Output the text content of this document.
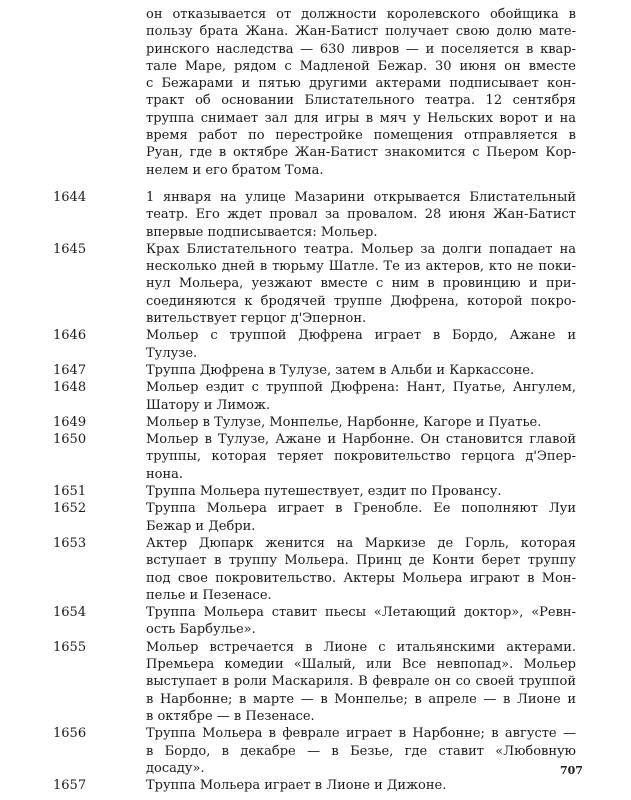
он отказывается от должности королевского обойщика в
пользу брата Жана. Жан-Батист получает свою долю мате-
ринского наследства — 630 ливров — и поселяется в квар-
тале Маре, рядом с Мадленой Бежар. 30 июня он вместе
с Бежарами и пятью другими актерами подписывает кон-
тракт об основании Блистательного театра. 12 сентября
труппа снимает зал для игры в мяч у Нельских ворот и на
время работ по перестройке помещения отправляется в
Руан, где в октябре Жан-Батист знакомится с Пьером Кор-
нелем и его братом Тома.
1644	1 января на улице Мазарини открывается Блистательный
театр. Его ждет провал за провалом. 28 июня Жан-Батист
впервые подписывается: Мольер.
1645	Крах Блистательного театра. Мольер за долги попадает на
несколько дней в тюрьму Шатле. Те из актеров, кто не поки-
нул Мольера, уезжают вместе с ним в провинцию и при-
соединяются к бродячей труппе Дюфрена, которой покро-
вительствует герцог д'Эпернон.
1646	Мольер с труппой Дюфрена играет в Бордо, Ажане и
Тулузе.
1647	Труппа Дюфрена в Тулузе, затем в Альби и Каркассоне.
1648	Мольер ездит с труппой Дюфрена: Нант, Пуатье, Ангулем,
Шатору и Лимож.
1649	Мольер в Тулузе, Монпелье, Нарбонне, Кагоре и Пуатье.
1650	Мольер в Тулузе, Ажане и Нарбонне. Он становится главой
труппы, которая теряет покровительство герцога д'Эпер-
нона.
1651	Труппа Мольера путешествует, ездит по Провансу.
1652	Труппа Мольера играет в Гренобле. Ее пополняют Луи
Бежар и Дебри.
1653	Актер Дюпарк женится на Маркизе де Горль, которая
вступает в труппу Мольера. Принц де Конти берет труппу
под свое покровительство. Актеры Мольера играют в Мон-
пелье и Пезенасе.
1654	Труппа Мольера ставит пьесы «Летающий доктор», «Ревн-
ость Барбулье».
1655	Мольер встречается в Лионе с итальянскими актерами.
Премьера комедии «Шалый, или Все невпопад». Мольер
выступает в роли Маскариля. В феврале он со своей труппой
в Нарбонне; в марте — в Монпелье; в апреле — в Лионе и
в октябре — в Пезенасе.
1656	Труппа Мольера в феврале играет в Нарбонне; в августе —
в Бордо, в декабре — в Безье, где ставит «Любовную
досаду».
1657	Труппа Мольера играет в Лионе и Дижоне.
707
